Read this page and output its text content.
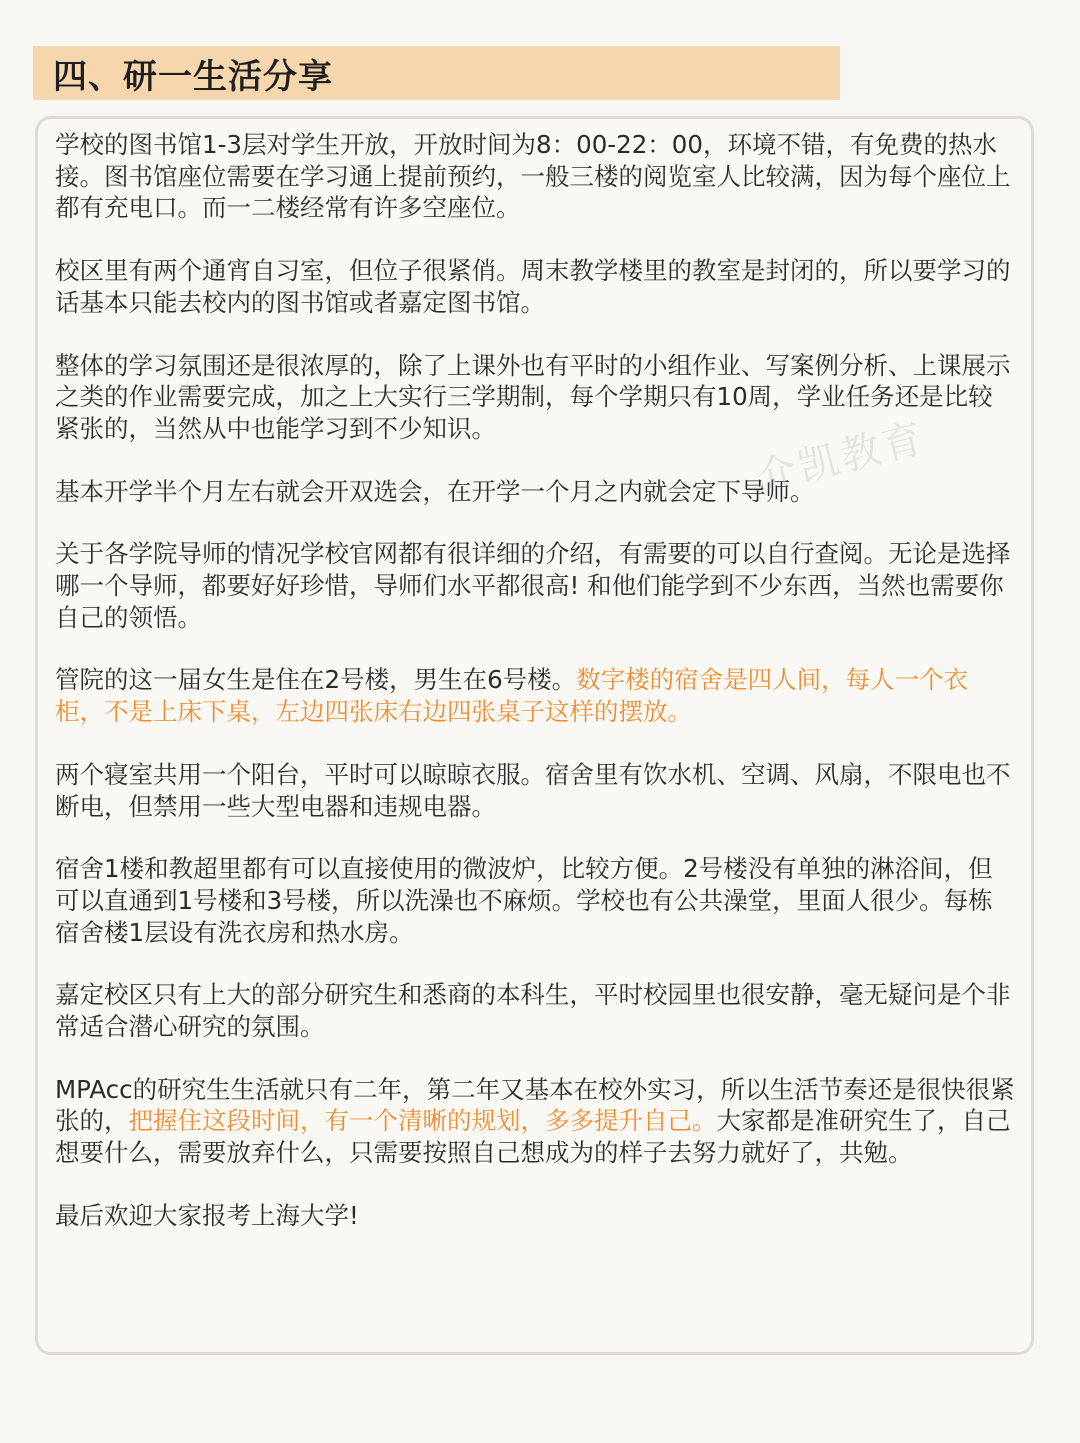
四、研一生活分享

学校的图书馆1-3层对学生开放，开放时间为8：00-22：00，环境不错，有免费的热水接。图书馆座位需要在学习通上提前预约，一般三楼的阅览室人比较满，因为每个座位上都有充电口。而一二楼经常有许多空座位。

校区里有两个通宵自习室，但位子很紧俏。周末教学楼里的教室是封闭的，所以要学习的话基本只能去校内的图书馆或者嘉定图书馆。

整体的学习氛围还是很浓厚的，除了上课外也有平时的小组作业、写案例分析、上课展示之类的作业需要完成，加之上大实行三学期制，每个学期只有10周，学业任务还是比较紧张的，当然从中也能学习到不少知识。

基本开学半个月左右就会开双选会，在开学一个月之内就会定下导师。

关于各学院导师的情况学校官网都有很详细的介绍，有需要的可以自行查阅。无论是选择哪一个导师，都要好好珍惜，导师们水平都很高! 和他们能学到不少东西，当然也需要你自己的领悟。

管院的这一届女生是住在2号楼，男生在6号楼。数字楼的宿舍是四人间，每人一个衣柜，不是上床下桌，左边四张床右边四张桌子这样的摆放。

两个寝室共用一个阳台，平时可以晾晾衣服。宿舍里有饮水机、空调、风扇，不限电也不断电，但禁用一些大型电器和违规电器。

宿舍1楼和教超里都有可以直接使用的微波炉，比较方便。2号楼没有单独的淋浴间，但可以直通到1号楼和3号楼，所以洗澡也不麻烦。学校也有公共澡堂，里面人很少。每栋宿舍楼1层设有洗衣房和热水房。

嘉定校区只有上大的部分研究生和悉商的本科生，平时校园里也很安静，毫无疑问是个非常适合潜心研究的氛围。

MPAcc的研究生生活就只有二年，第二年又基本在校外实习，所以生活节奏还是很快很紧张的，把握住这段时间，有一个清晰的规划，多多提升自己。大家都是准研究生了，自己想要什么，需要放弃什么，只需要按照自己想成为的样子去努力就好了，共勉。

最后欢迎大家报考上海大学!

介凯教育
